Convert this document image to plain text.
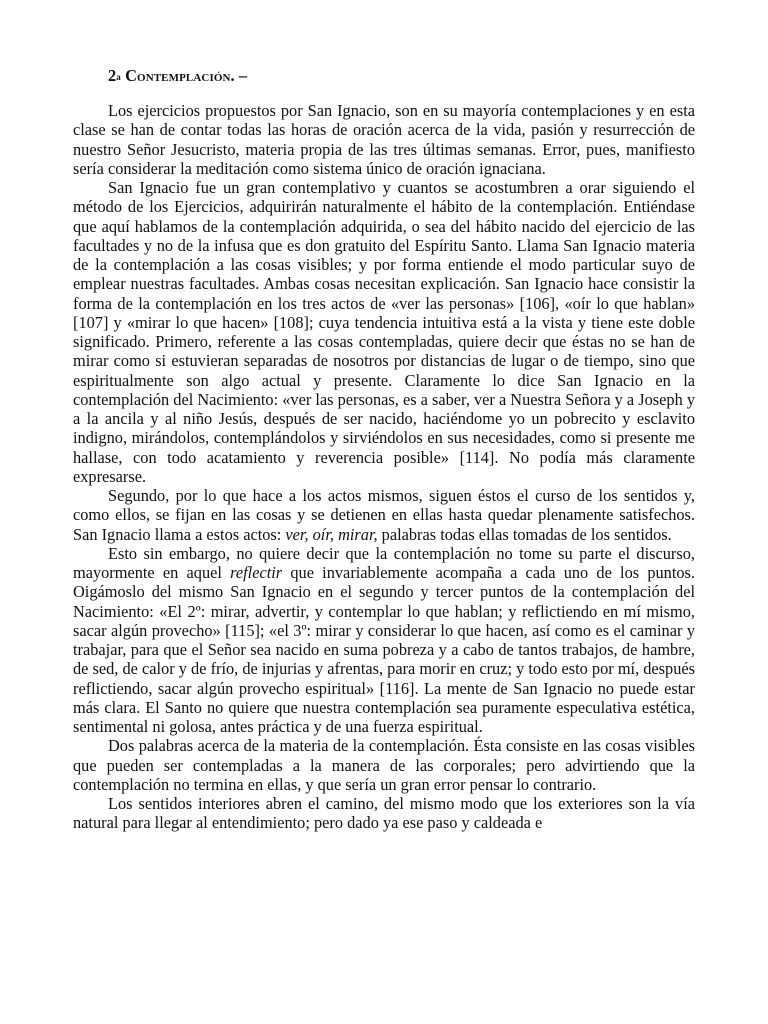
2$^a$ Contemplación. –

Los ejercicios propuestos por San Ignacio, son en su mayoría contemplaciones y en esta clase se han de contar todas las horas de oración acerca de la vida, pasión y resurrección de nuestro Señor Jesucristo, materia propia de las tres últimas semanas. Error, pues, manifiesto sería considerar la meditación como sistema único de oración ignaciana.

San Ignacio fue un gran contemplativo y cuantos se acostumbren a orar siguiendo el método de los Ejercicios, adquirirán naturalmente el hábito de la contemplación. Entiéndase que aquí hablamos de la contemplación adquirida, o sea del hábito nacido del ejercicio de las facultades y no de la infusa que es don gratuito del Espíritu Santo. Llama San Ignacio materia de la contemplación a las cosas visibles; y por forma entiende el modo particular suyo de emplear nuestras facultades. Ambas cosas necesitan explicación. San Ignacio hace consistir la forma de la contemplación en los tres actos de «ver las personas» [106], «oír lo que hablan» [107] y «mirar lo que hacen» [108]; cuya tendencia intuitiva está a la vista y tiene este doble significado. Primero, referente a las cosas contempladas, quiere decir que éstas no se han de mirar como si estuvieran separadas de nosotros por distancias de lugar o de tiempo, sino que espiritualmente son algo actual y presente. Claramente lo dice San Ignacio en la contemplación del Nacimiento: «ver las personas, es a saber, ver a Nuestra Señora y a Joseph y a la ancila y al niño Jesús, después de ser nacido, haciéndome yo un pobrecito y esclavito indigno, mirándolos, contemplándolos y sirviéndolos en sus necesidades, como si presente me hallase, con todo acatamiento y reverencia posible» [114]. No podía más claramente expresarse.

Segundo, por lo que hace a los actos mismos, siguen éstos el curso de los sentidos y, como ellos, se fijan en las cosas y se detienen en ellas hasta quedar plenamente satisfechos. San Ignacio llama a estos actos: ver, oír, mirar, palabras todas ellas tomadas de los sentidos.

Esto sin embargo, no quiere decir que la contemplación no tome su parte el discurso, mayormente en aquel reflectir que invariablemente acompaña a cada uno de los puntos. Oigámoslo del mismo San Ignacio en el segundo y tercer puntos de la contemplación del Nacimiento: «El 2º: mirar, advertir, y contemplar lo que hablan; y reflictiendo en mí mismo, sacar algún provecho» [115]; «el 3º: mirar y considerar lo que hacen, así como es el caminar y trabajar, para que el Señor sea nacido en suma pobreza y a cabo de tantos trabajos, de hambre, de sed, de calor y de frío, de injurias y afrentas, para morir en cruz; y todo esto por mí, después reflictiendo, sacar algún provecho espiritual» [116]. La mente de San Ignacio no puede estar más clara. El Santo no quiere que nuestra contemplación sea puramente especulativa estética, sentimental ni golosa, antes práctica y de una fuerza espiritual.

Dos palabras acerca de la materia de la contemplación. Ésta consiste en las cosas visibles que pueden ser contempladas a la manera de las corporales; pero advirtiendo que la contemplación no termina en ellas, y que sería un gran error pensar lo contrario.

Los sentidos interiores abren el camino, del mismo modo que los exteriores son la vía natural para llegar al entendimiento; pero dado ya ese paso y caldeada e
